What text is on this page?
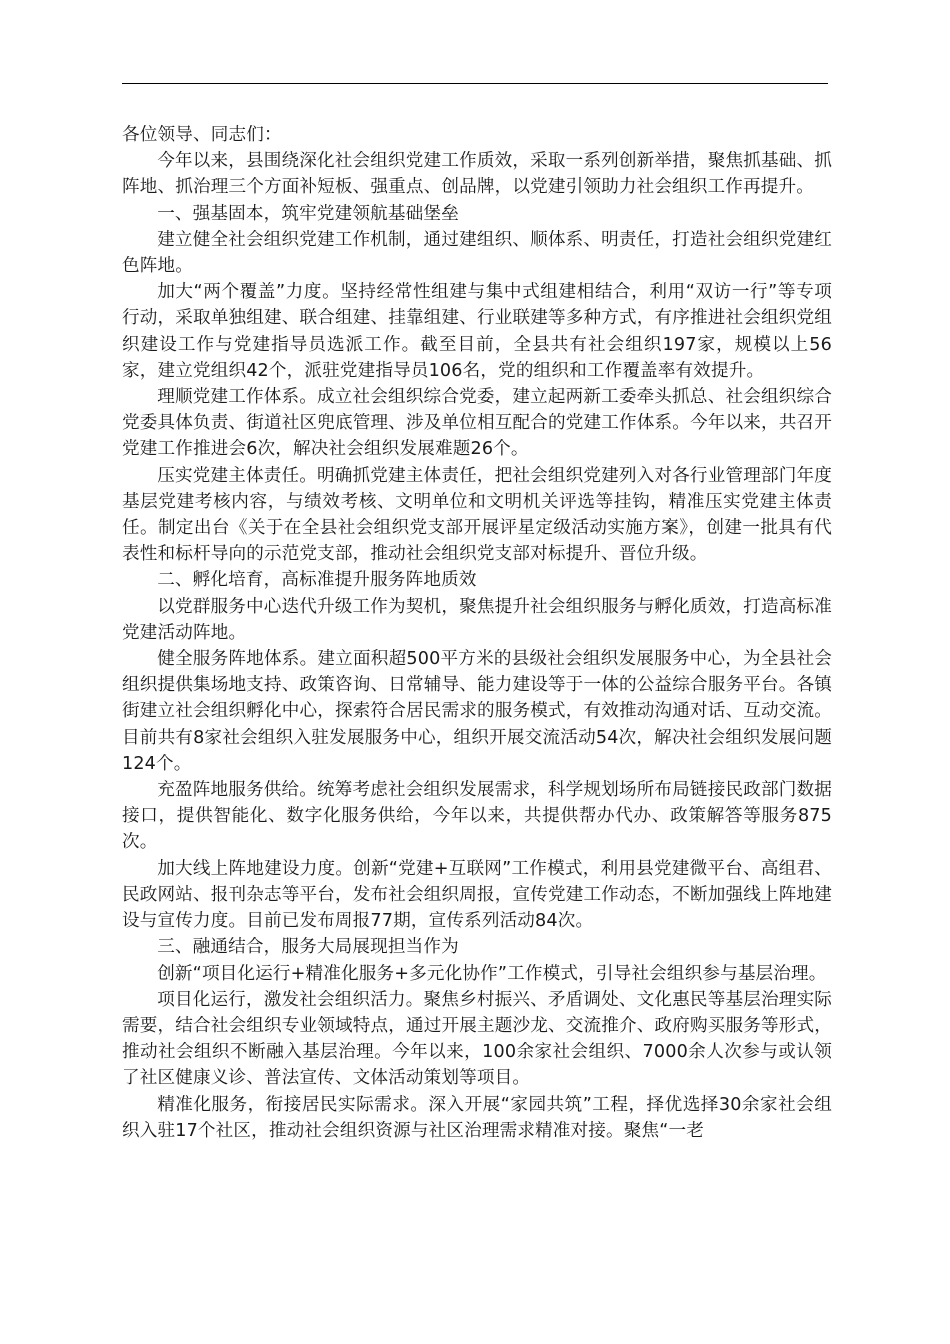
各位领导、同志们：

今年以来，县围绕深化社会组织党建工作质效，采取一系列创新举措，聚焦抓基础、抓阵地、抓治理三个方面补短板、强重点、创品牌，以党建引领助力社会组织工作再提升。

一、强基固本，筑牢党建领航基础堡垒

建立健全社会组织党建工作机制，通过建组织、顺体系、明责任，打造社会组织党建红色阵地。

加大“两个覆盖”力度。坚持经常性组建与集中式组建相结合，利用“双访一行”等专项行动，采取单独组建、联合组建、挂靠组建、行业联建等多种方式，有序推进社会组织党组织建设工作与党建指导员选派工作。截至目前，全县共有社会组织197家，规模以上56家，建立党组织42个，派驻党建指导员106名，党的组织和工作覆盖率有效提升。

理顺党建工作体系。成立社会组织综合党委，建立起两新工委牵头抓总、社会组织综合党委具体负责、街道社区兜底管理、涉及单位相互配合的党建工作体系。今年以来，共召开党建工作推进会6次，解决社会组织发展难题26个。

压实党建主体责任。明确抓党建主体责任，把社会组织党建列入对各行业管理部门年度基层党建考核内容，与绩效考核、文明单位和文明机关评选等挂钩，精准压实党建主体责任。制定出台《关于在全县社会组织党支部开展评星定级活动实施方案》，创建一批具有代表性和标杆导向的示范党支部，推动社会组织党支部对标提升、晋位升级。

二、孵化培育，高标准提升服务阵地质效

以党群服务中心迭代升级工作为契机，聚焦提升社会组织服务与孵化质效，打造高标准党建活动阵地。

健全服务阵地体系。建立面积超500平方米的县级社会组织发展服务中心，为全县社会组织提供集场地支持、政策咨询、日常辅导、能力建设等于一体的公益综合服务平台。各镇街建立社会组织孵化中心，探索符合居民需求的服务模式，有效推动沟通对话、互动交流。目前共有8家社会组织入驻发展服务中心，组织开展交流活动54次，解决社会组织发展问题124个。

充盈阵地服务供给。统筹考虑社会组织发展需求，科学规划场所布局链接民政部门数据接口，提供智能化、数字化服务供给，今年以来，共提供帮办代办、政策解答等服务875次。

加大线上阵地建设力度。创新“党建+互联网”工作模式，利用县党建微平台、高组君、民政网站、报刊杂志等平台，发布社会组织周报，宣传党建工作动态，不断加强线上阵地建设与宣传力度。目前已发布周报77期，宣传系列活动84次。

三、融通结合，服务大局展现担当作为

创新“项目化运行+精准化服务+多元化协作”工作模式，引导社会组织参与基层治理。

项目化运行，激发社会组织活力。聚焦乡村振兴、矛盾调处、文化惠民等基层治理实际需要，结合社会组织专业领域特点，通过开展主题沙龙、交流推介、政府购买服务等形式，推动社会组织不断融入基层治理。今年以来，100余家社会组织、7000余人次参与或认领了社区健康义诊、普法宣传、文体活动策划等项目。

精准化服务，衔接居民实际需求。深入开展“家园共筑”工程，择优选择30余家社会组织入驻17个社区，推动社会组织资源与社区治理需求精准对接。聚焦“一老
